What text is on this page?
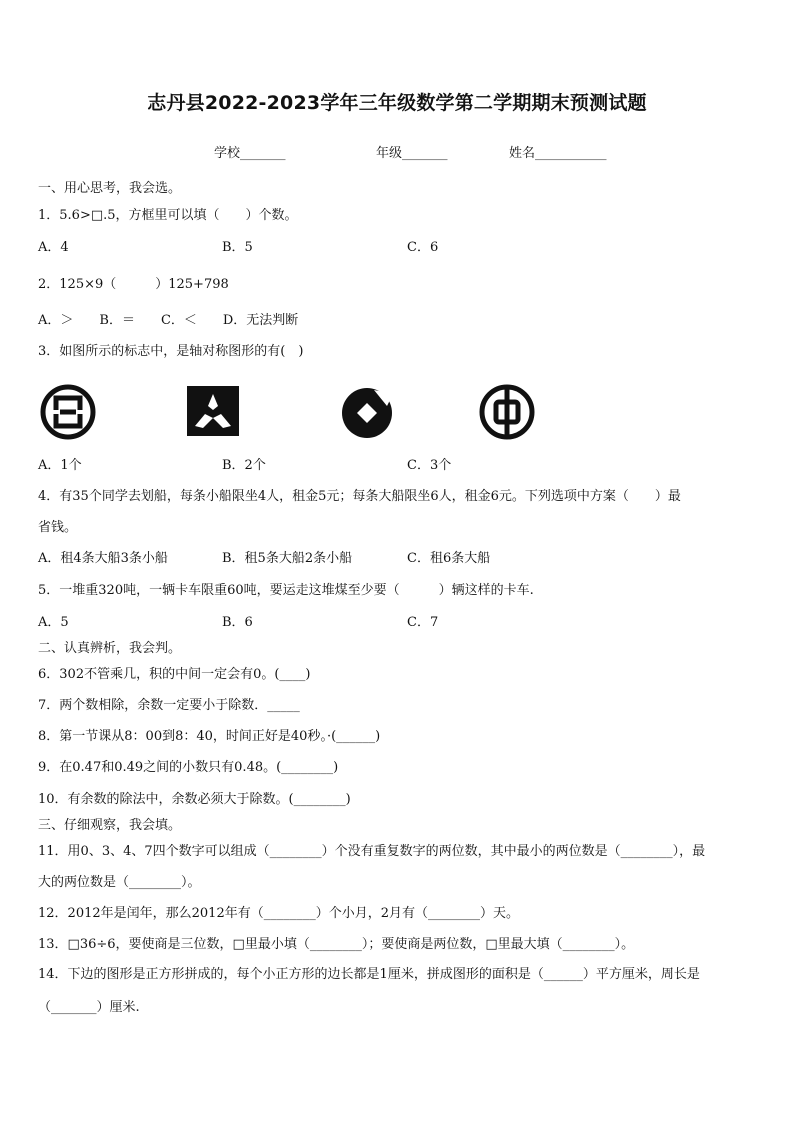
志丹县2022-2023学年三年级数学第二学期期末预测试题
学校_______	年级_______	姓名___________
一、用心思考，我会选。
1．5.6>□.5，方框里可以填（　　）个数。
A．4	B．5	C．6
2．125×9（　　　）125+798
A．＞　　B．＝　　C．＜　　D．无法判断
3．如图所示的标志中，是轴对称图形的有(　)
A．1个	B．2个	C．3个
4．有35个同学去划船，每条小船限坐4人，租金5元；每条大船限坐6人，租金6元。下列选项中方案（　　）最
省钱。
A．租4条大船3条小船	B．租5条大船2条小船	C．租6条大船
5．一堆重320吨，一辆卡车限重60吨，要运走这堆煤至少要（　　　）辆这样的卡车.
A．5	B．6	C．7
二、认真辨析，我会判。
6．302不管乘几，积的中间一定会有0。(____)
7．两个数相除，余数一定要小于除数．_____
8．第一节课从8：00到8：40，时间正好是40秒。·(______)
9．在0.47和0.49之间的小数只有0.48。(________)
10．有余数的除法中，余数必须大于除数。(________)
三、仔细观察，我会填。
11．用0、3、4、7四个数字可以组成（________）个没有重复数字的两位数，其中最小的两位数是（________），最
大的两位数是（________）。
12．2012年是闰年，那么2012年有（________）个小月，2月有（________）天。
13．□36÷6，要使商是三位数，□里最小填（________）；要使商是两位数，□里最大填（________）。
14．下边的图形是正方形拼成的，每个小正方形的边长都是1厘米，拼成图形的面积是（______）平方厘米，周长是
（_______）厘米.
